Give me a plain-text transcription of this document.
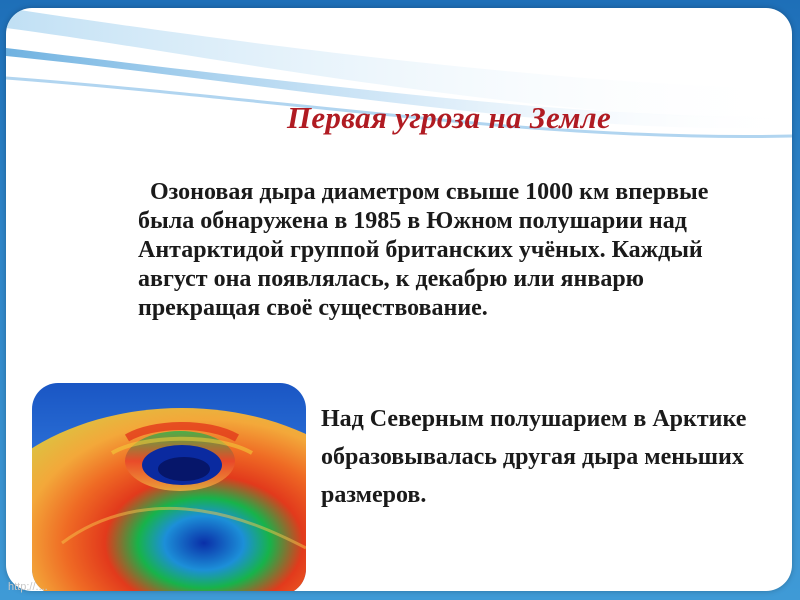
Первая угроза на Земле
Озоновая дыра диаметром свыше 1000 км впервые была обнаружена в 1985 в Южном полушарии над Антарктидой группой британских учёных. Каждый август она появлялась, к декабрю или январю прекращая своё существование.
Над Северным полушарием в Арктике образовывалась другая дыра меньших размеров.
http://....
